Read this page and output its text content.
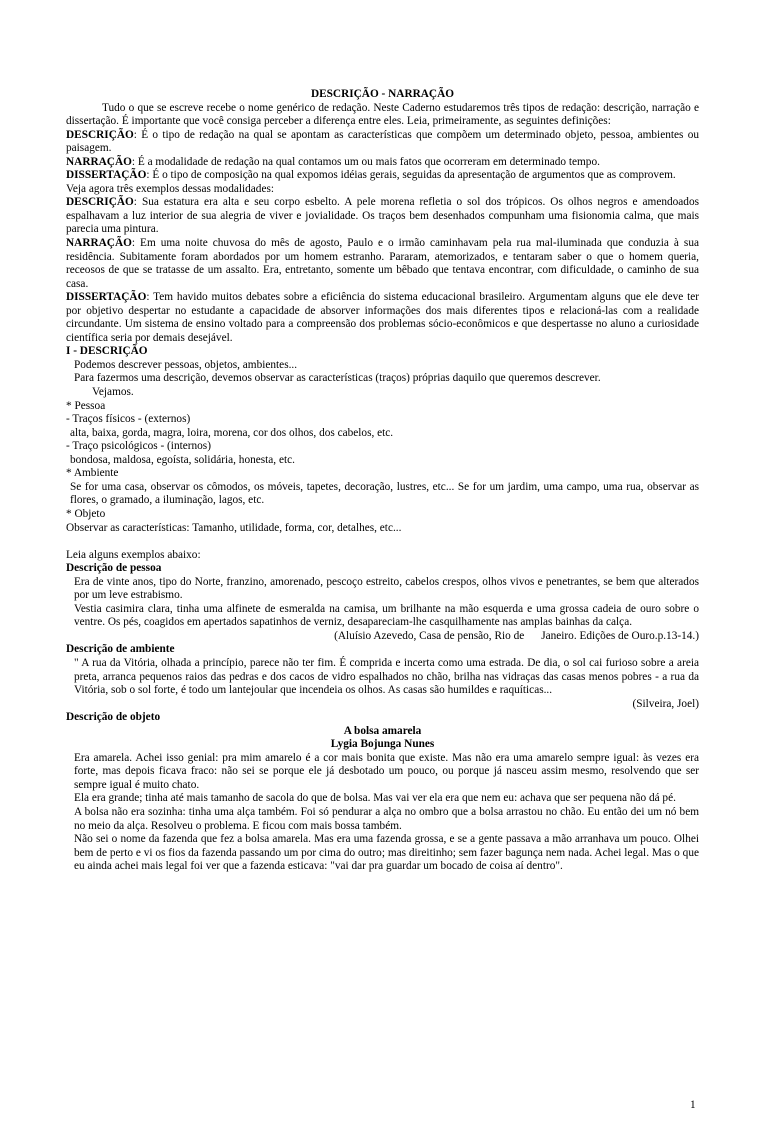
DESCRIÇÃO - NARRAÇÃO

Tudo o que se escreve recebe o nome genérico de redação. Neste Caderno estudaremos três tipos de redação: descrição, narração e dissertação. É importante que você consiga perceber a diferença entre eles. Leia, primeiramente, as seguintes definições:

DESCRIÇÃO: É o tipo de redação na qual se apontam as características que compõem um determinado objeto, pessoa, ambientes ou paisagem.

NARRAÇÃO: É a modalidade de redação na qual contamos um ou mais fatos que ocorreram em determinado tempo.

DISSERTAÇÃO: É o tipo de composição na qual expomos idéias gerais, seguidas da apresentação de argumentos que as comprovem.

Veja agora três exemplos dessas modalidades:

DESCRIÇÃO: Sua estatura era alta e seu corpo esbelto. A pele morena refletia o sol dos trópicos. Os olhos negros e amendoados espalhavam a luz interior de sua alegria de viver e jovialidade. Os traços bem desenhados compunham uma fisionomia calma, que mais parecia uma pintura.

NARRAÇÃO: Em uma noite chuvosa do mês de agosto, Paulo e o irmão caminhavam pela rua mal-iluminada que conduzia à sua residência. Subitamente foram abordados por um homem estranho. Pararam, atemorizados, e tentaram saber o que o homem queria, receosos de que se tratasse de um assalto. Era, entretanto, somente um bêbado que tentava encontrar, com dificuldade, o caminho de sua casa.

DISSERTAÇÃO: Tem havido muitos debates sobre a eficiência do sistema educacional brasileiro. Argumentam alguns que ele deve ter por objetivo despertar no estudante a capacidade de absorver informações dos mais diferentes tipos e relacioná-las com a realidade circundante. Um sistema de ensino voltado para a compreensão dos problemas sócio-econômicos e que despertasse no aluno a curiosidade científica seria por demais desejável.

I - DESCRIÇÃO

Podemos descrever pessoas, objetos, ambientes...

Para fazermos uma descrição, devemos observar as características (traços) próprias daquilo que queremos descrever.

Vejamos.

* Pessoa

- Traços físicos - (externos)

alta, baixa, gorda, magra, loira, morena, cor dos olhos, dos cabelos, etc.

- Traço psicológicos - (internos)

bondosa, maldosa, egoísta, solidária, honesta, etc.

* Ambiente

Se for uma casa, observar os cômodos, os móveis, tapetes, decoração, lustres, etc... Se for um jardim, uma campo, uma rua, observar as flores, o gramado, a iluminação, lagos, etc.

* Objeto

Observar as características: Tamanho, utilidade, forma, cor, detalhes, etc...

Leia alguns exemplos abaixo:

Descrição de pessoa

Era de vinte anos, tipo do Norte, franzino, amorenado, pescoço estreito, cabelos crespos, olhos vivos e penetrantes, se bem que alterados por um leve estrabismo.

Vestia casimira clara, tinha uma alfinete de esmeralda na camisa, um brilhante na mão esquerda e uma grossa cadeia de ouro sobre o ventre. Os pés, coagidos em apertados sapatinhos de verniz, desapareciam-lhe casquilhamente nas amplas bainhas da calça.

(Aluísio Azevedo, Casa de pensão, Rio de      Janeiro. Edições de Ouro.p.13-14.)

Descrição de ambiente

" A rua da Vitória, olhada a princípio, parece não ter fim. É comprida e incerta como uma estrada. De dia, o sol cai furioso sobre a areia preta, arranca pequenos raios das pedras e dos cacos de vidro espalhados no chão, brilha nas vidraças das casas menos pobres - a rua da Vitória, sob o sol forte, é todo um lantejoular que incendeia os olhos. As casas são humildes e raquíticas...

(Silveira, Joel)

Descrição de objeto

A bolsa amarela

Lygia Bojunga Nunes

Era amarela. Achei isso genial: pra mim amarelo é a cor mais bonita que existe. Mas não era uma amarelo sempre igual: às vezes era forte, mas depois ficava fraco: não sei se porque ele já desbotado um pouco, ou porque já nasceu assim mesmo, resolvendo que ser sempre igual é muito chato.

Ela era grande; tinha até mais tamanho de sacola do que de bolsa. Mas vai ver ela era que nem eu: achava que ser pequena não dá pé.

A bolsa não era sozinha: tinha uma alça também. Foi só pendurar a alça no ombro que a bolsa arrastou no chão. Eu então dei um nó bem no meio da alça. Resolveu o problema. E ficou com mais bossa também.

Não sei o nome da fazenda que fez a bolsa amarela. Mas era uma fazenda grossa, e se a gente passava a mão arranhava um pouco. Olhei bem de perto e vi os fios da fazenda passando um por cima do outro; mas direitinho; sem fazer bagunça nem nada. Achei legal. Mas o que eu ainda achei mais legal foi ver que a fazenda esticava: "vai dar pra guardar um bocado de coisa aí dentro".

1
